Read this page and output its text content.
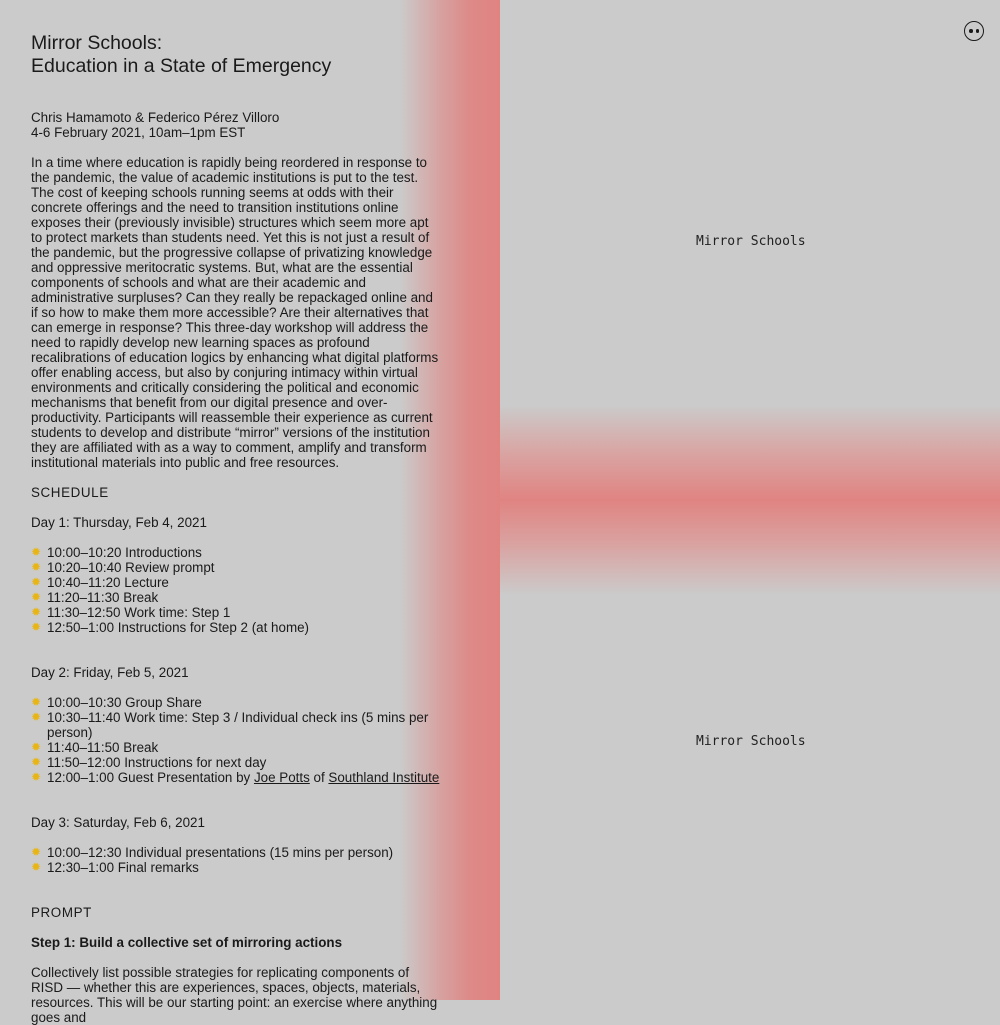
Mirror Schools:
Education in a State of Emergency

Chris Hamamoto & Federico Pérez Villoro

4-6 February 2021, 10am–1pm EST

In a time where education is rapidly being reordered in response to the pandemic, the value of academic institutions is put to the test. The cost of keeping schools running seems at odds with their concrete offerings and the need to transition institutions online exposes their (previously invisible) structures which seem more apt to protect markets than students need. Yet this is not just a result of the pandemic, but the progressive collapse of privatizing knowledge and oppressive meritocratic systems. But, what are the essential components of schools and what are their academic and administrative surpluses? Can they really be repackaged online and if so how to make them more accessible? Are their alternatives that can emerge in response? This three-day workshop will address the need to rapidly develop new learning spaces as profound recalibrations of education logics by enhancing what digital platforms offer enabling access, but also by conjuring intimacy within virtual environments and critically considering the political and economic mechanisms that benefit from our digital presence and over-productivity. Participants will reassemble their experience as current students to develop and distribute “mirror” versions of the institution they are affiliated with as a way to comment, amplify and transform institutional materials into public and free resources.

SCHEDULE

Day 1: Thursday, Feb 4, 2021

✹ 10:00–10:20 Introductions
✹ 10:20–10:40 Review prompt
✹ 10:40–11:20 Lecture
✹ 11:20–11:30 Break
✹ 11:30–12:50 Work time: Step 1
✹ 12:50–1:00 Instructions for Step 2 (at home)

Day 2: Friday, Feb 5, 2021

✹ 10:00–10:30 Group Share
✹ 10:30–11:40 Work time: Step 3 / Individual check ins (5 mins per person)
✹ 11:40–11:50 Break
✹ 11:50–12:00 Instructions for next day
✹ 12:00–1:00 Guest Presentation by Joe Potts of Southland Institute

Day 3: Saturday, Feb 6, 2021

✹ 10:00–12:30 Individual presentations (15 mins per person)
✹ 12:30–1:00 Final remarks

PROMPT

Step 1: Build a collective set of mirroring actions

Collectively list possible strategies for replicating components of RISD — whether this are experiences, spaces, objects, materials, resources. This will be our starting point: an exercise where anything goes and

Mirror Schools
Mirror Schools
